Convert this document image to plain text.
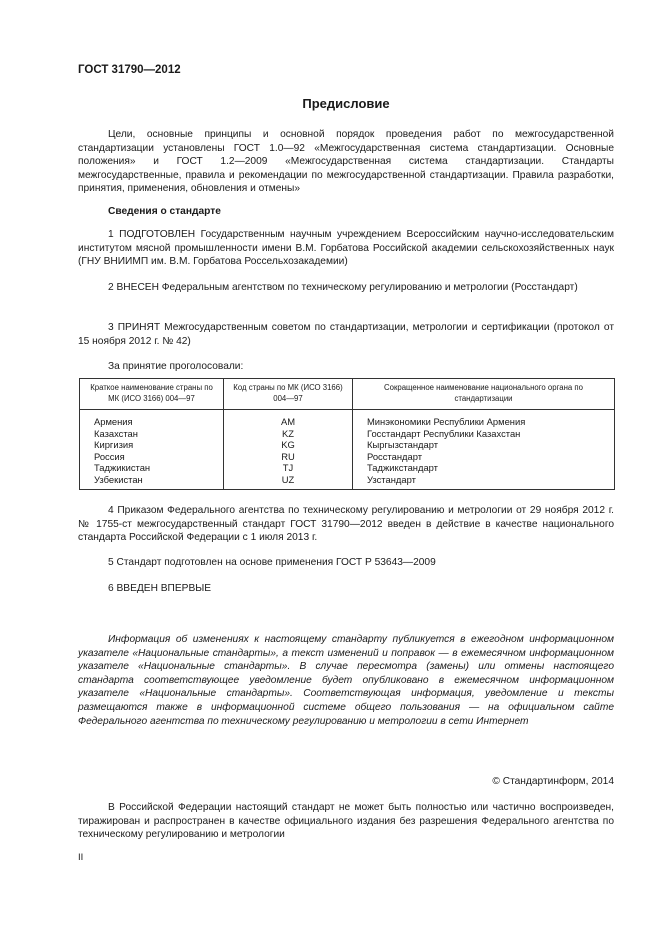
ГОСТ 31790—2012
Предисловие
Цели, основные принципы и основной порядок проведения работ по межгосударственной стандартизации установлены ГОСТ 1.0—92 «Межгосударственная система стандартизации. Основные положения» и ГОСТ 1.2—2009 «Межгосударственная система стандартизации. Стандарты межгосударственные, правила и рекомендации по межгосударственной стандартизации. Правила разработки, принятия, применения, обновления и отмены»
Сведения о стандарте
1 ПОДГОТОВЛЕН Государственным научным учреждением Всероссийским научно-исследовательским институтом мясной промышленности имени В.М. Горбатова Российской академии сельскохозяйственных наук (ГНУ ВНИИМП им. В.М. Горбатова Россельхозакадемии)
2 ВНЕСЕН Федеральным агентством по техническому регулированию и метрологии (Росстандарт)
3 ПРИНЯТ Межгосударственным советом по стандартизации, метрологии и сертификации (протокол от 15 ноября 2012 г. № 42)
За принятие проголосовали:
Краткое наименование страны по МК (ИСО 3166) 004—97	Код страны по МК (ИСО 3166) 004—97	Сокращенное наименование национального органа по стандартизации
Армения	AM	Минэкономики Республики Армения
Казахстан	KZ	Госстандарт Республики Казахстан
Киргизия	KG	Кыргызстандарт
Россия	RU	Росстандарт
Таджикистан	TJ	Таджикстандарт
Узбекистан	UZ	Узстандарт
4 Приказом Федерального агентства по техническому регулированию и метрологии от 29 ноября 2012 г. № 1755-ст межгосударственный стандарт ГОСТ 31790—2012 введен в действие в качестве национального стандарта Российской Федерации с 1 июля 2013 г.
5 Стандарт подготовлен на основе применения ГОСТ Р 53643—2009
6 ВВЕДЕН ВПЕРВЫЕ
Информация об изменениях к настоящему стандарту публикуется в ежегодном информационном указателе «Национальные стандарты», а текст изменений и поправок — в ежемесячном информационном указателе «Национальные стандарты». В случае пересмотра (замены) или отмены настоящего стандарта соответствующее уведомление будет опубликовано в ежемесячном информационном указателе «Национальные стандарты». Соответствующая информация, уведомление и тексты размещаются также в информационной системе общего пользования — на официальном сайте Федерального агентства по техническому регулированию и метрологии в сети Интернет
© Стандартинформ, 2014
В Российской Федерации настоящий стандарт не может быть полностью или частично воспроизведен, тиражирован и распространен в качестве официального издания без разрешения Федерального агентства по техническому регулированию и метрологии
II
